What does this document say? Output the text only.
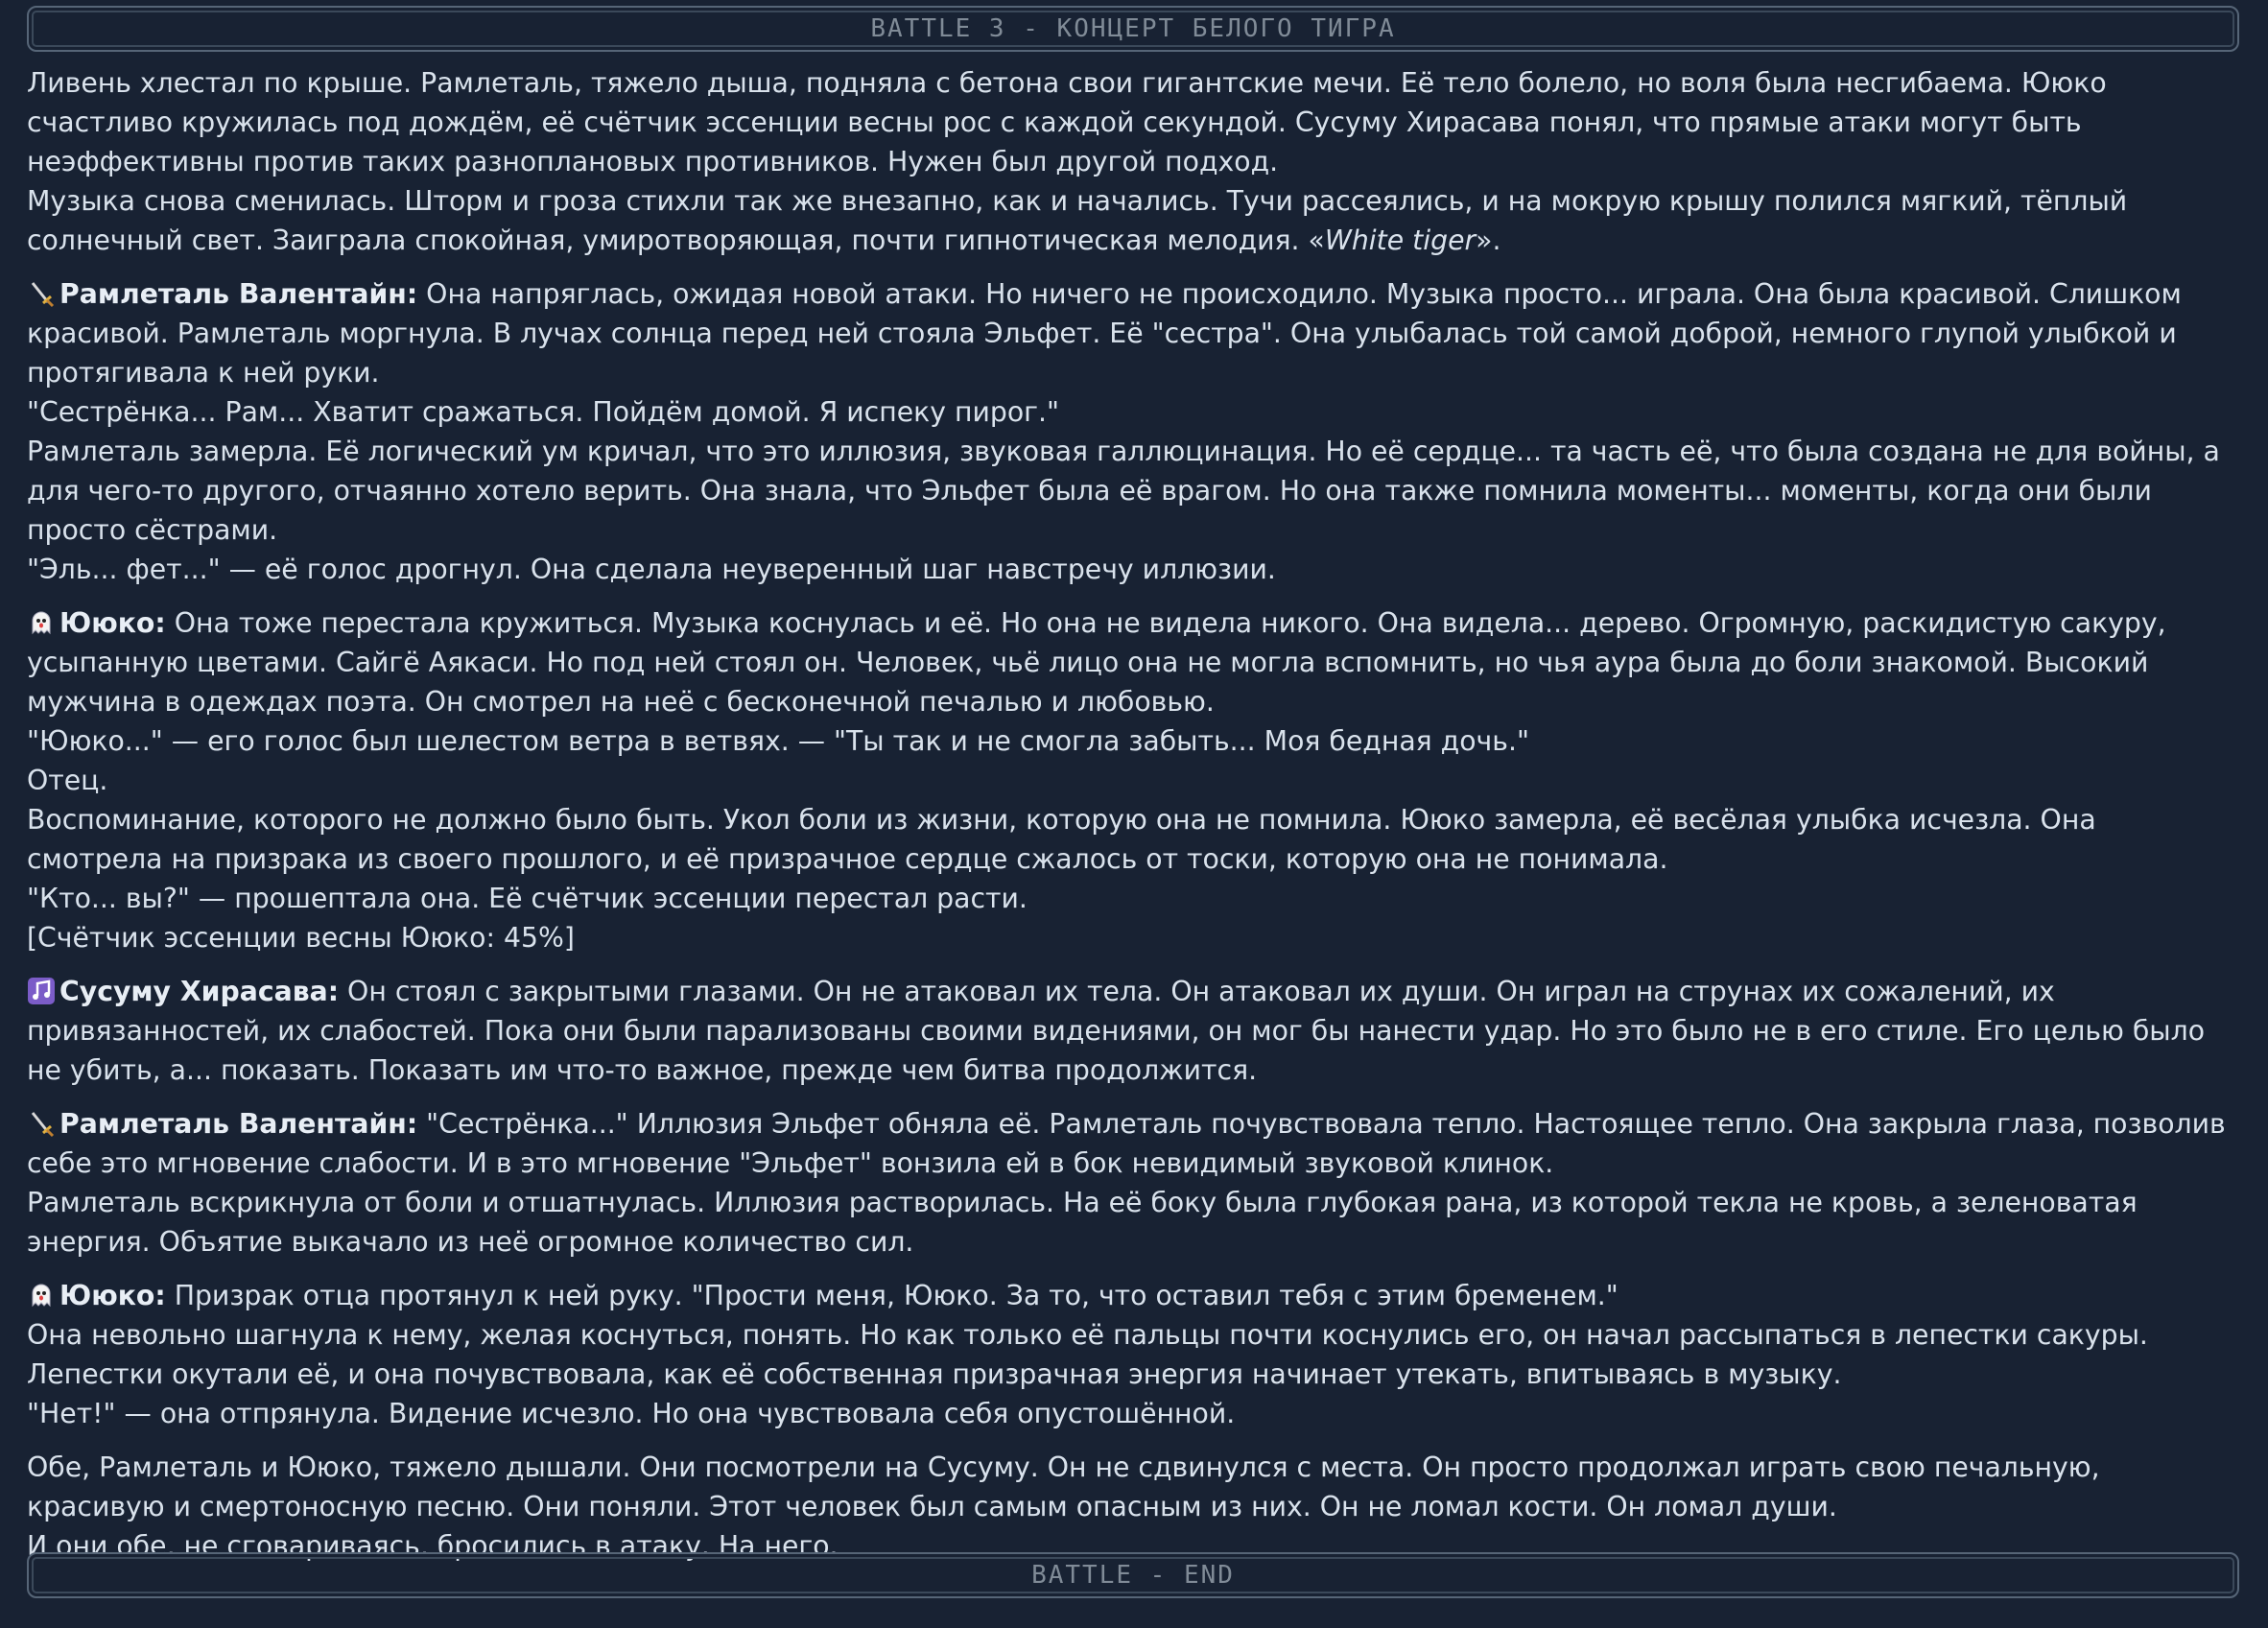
BATTLE 3 - КОНЦЕРТ БЕЛОГО ТИГРА

Ливень хлестал по крыше. Рамлеталь, тяжело дыша, подняла с бетона свои гигантские мечи. Её тело болело, но воля была несгибаема. Ююко счастливо кружилась под дождём, её счётчик эссенции весны рос с каждой секундой. Сусуму Хирасава понял, что прямые атаки могут быть неэффективны против таких разноплановых противников. Нужен был другой подход.
Музыка снова сменилась. Шторм и гроза стихли так же внезапно, как и начались. Тучи рассеялись, и на мокрую крышу полился мягкий, тёплый солнечный свет. Заиграла спокойная, умиротворяющая, почти гипнотическая мелодия. «White tiger».

Рамлеталь Валентайн: Она напряглась, ожидая новой атаки. Но ничего не происходило. Музыка просто... играла. Она была красивой. Слишком красивой. Рамлеталь моргнула. В лучах солнца перед ней стояла Эльфет. Её "сестра". Она улыбалась той самой доброй, немного глупой улыбкой и протягивала к ней руки.
"Сестрёнка... Рам... Хватит сражаться. Пойдём домой. Я испеку пирог."
Рамлеталь замерла. Её логический ум кричал, что это иллюзия, звуковая галлюцинация. Но её сердце... та часть её, что была создана не для войны, а для чего-то другого, отчаянно хотело верить. Она знала, что Эльфет была её врагом. Но она также помнила моменты... моменты, когда они были просто сёстрами.
"Эль... фет..." — её голос дрогнул. Она сделала неуверенный шаг навстречу иллюзии.

Ююко: Она тоже перестала кружиться. Музыка коснулась и её. Но она не видела никого. Она видела... дерево. Огромную, раскидистую сакуру, усыпанную цветами. Сайгё Аякаси. Но под ней стоял он. Человек, чьё лицо она не могла вспомнить, но чья аура была до боли знакомой. Высокий мужчина в одеждах поэта. Он смотрел на неё с бесконечной печалью и любовью.
"Ююко..." — его голос был шелестом ветра в ветвях. — "Ты так и не смогла забыть... Моя бедная дочь."
Отец.
Воспоминание, которого не должно было быть. Укол боли из жизни, которую она не помнила. Ююко замерла, её весёлая улыбка исчезла. Она смотрела на призрака из своего прошлого, и её призрачное сердце сжалось от тоски, которую она не понимала.
"Кто... вы?" — прошептала она. Её счётчик эссенции перестал расти.
[Счётчик эссенции весны Ююко: 45%]

Сусуму Хирасава: Он стоял с закрытыми глазами. Он не атаковал их тела. Он атаковал их души. Он играл на струнах их сожалений, их привязанностей, их слабостей. Пока они были парализованы своими видениями, он мог бы нанести удар. Но это было не в его стиле. Его целью было не убить, а... показать. Показать им что-то важное, прежде чем битва продолжится.

Рамлеталь Валентайн: "Сестрёнка..." Иллюзия Эльфет обняла её. Рамлеталь почувствовала тепло. Настоящее тепло. Она закрыла глаза, позволив себе это мгновение слабости. И в это мгновение "Эльфет" вонзила ей в бок невидимый звуковой клинок.
Рамлеталь вскрикнула от боли и отшатнулась. Иллюзия растворилась. На её боку была глубокая рана, из которой текла не кровь, а зеленоватая энергия. Объятие выкачало из неё огромное количество сил.

Ююко: Призрак отца протянул к ней руку. "Прости меня, Ююко. За то, что оставил тебя с этим бременем."
Она невольно шагнула к нему, желая коснуться, понять. Но как только её пальцы почти коснулись его, он начал рассыпаться в лепестки сакуры. Лепестки окутали её, и она почувствовала, как её собственная призрачная энергия начинает утекать, впитываясь в музыку.
"Нет!" — она отпрянула. Видение исчезло. Но она чувствовала себя опустошённой.

Обе, Рамлеталь и Ююко, тяжело дышали. Они посмотрели на Сусуму. Он не сдвинулся с места. Он просто продолжал играть свою печальную, красивую и смертоносную песню. Они поняли. Этот человек был самым опасным из них. Он не ломал кости. Он ломал души.
И они обе, не сговариваясь, бросились в атаку. На него.

BATTLE - END
